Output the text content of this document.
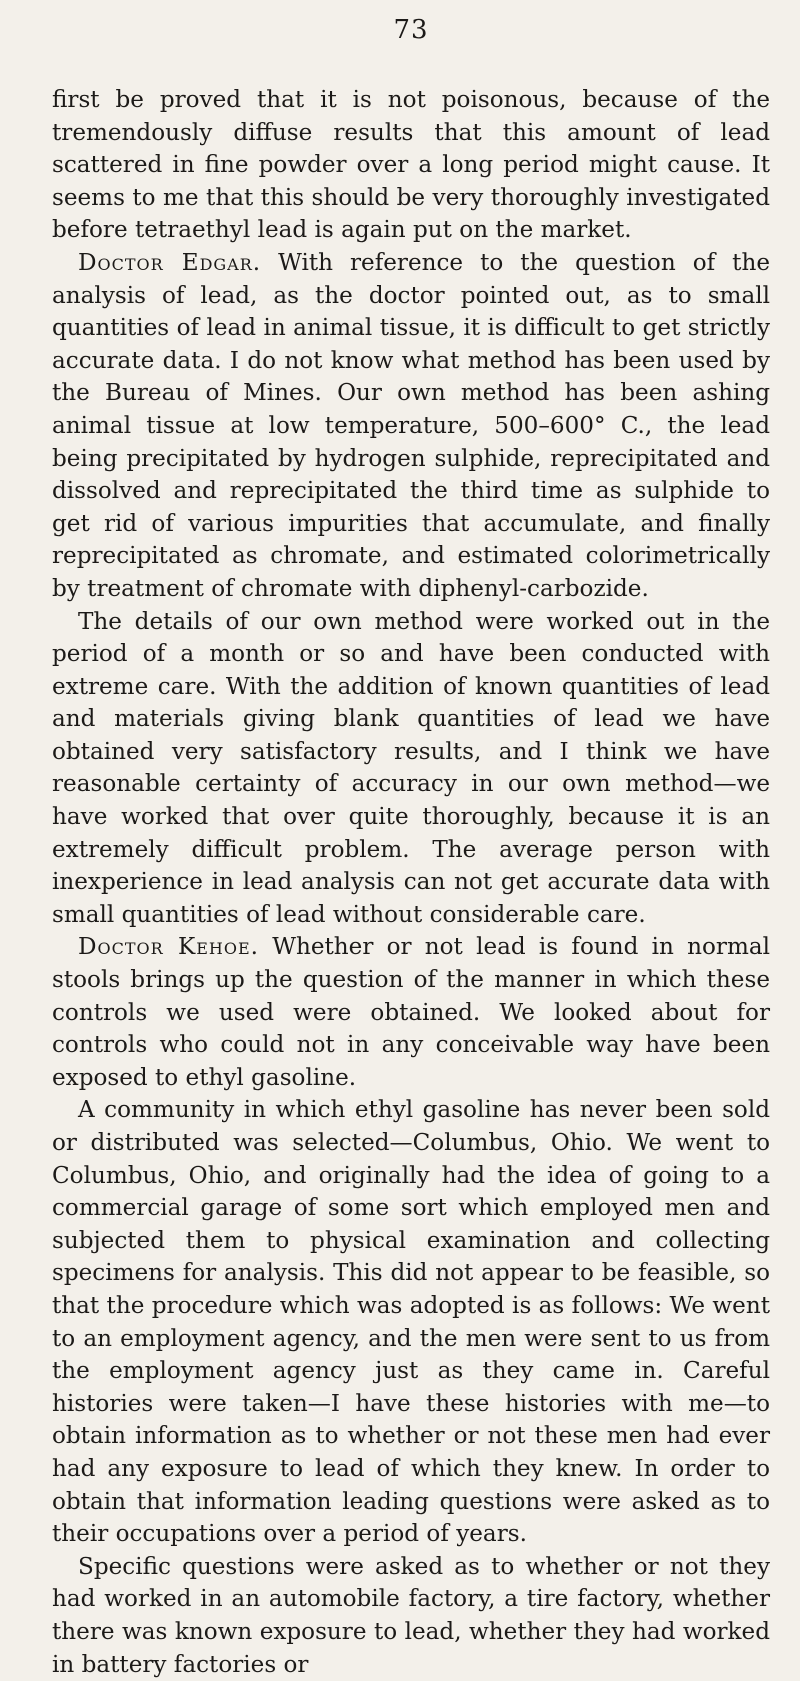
73

first be proved that it is not poisonous, because of the tremendously diffuse results that this amount of lead scattered in fine powder over a long period might cause. It seems to me that this should be very thoroughly investigated before tetraethyl lead is again put on the market.

Doctor Edgar. With reference to the question of the analysis of lead, as the doctor pointed out, as to small quantities of lead in animal tissue, it is difficult to get strictly accurate data. I do not know what method has been used by the Bureau of Mines. Our own method has been ashing animal tissue at low temperature, 500–600° C., the lead being precipitated by hydrogen sulphide, reprecipitated and dissolved and reprecipitated the third time as sulphide to get rid of various impurities that accumulate, and finally reprecipitated as chromate, and estimated colorimetrically by treatment of chromate with diphenyl-carbozide.

The details of our own method were worked out in the period of a month or so and have been conducted with extreme care. With the addition of known quantities of lead and materials giving blank quantities of lead we have obtained very satisfactory results, and I think we have reasonable certainty of accuracy in our own method—we have worked that over quite thoroughly, because it is an extremely difficult problem. The average person with inexperience in lead analysis can not get accurate data with small quantities of lead without considerable care.

Doctor Kehoe. Whether or not lead is found in normal stools brings up the question of the manner in which these controls we used were obtained. We looked about for controls who could not in any conceivable way have been exposed to ethyl gasoline.

A community in which ethyl gasoline has never been sold or distributed was selected—Columbus, Ohio. We went to Columbus, Ohio, and originally had the idea of going to a commercial garage of some sort which employed men and subjected them to physical examination and collecting specimens for analysis. This did not appear to be feasible, so that the procedure which was adopted is as follows: We went to an employment agency, and the men were sent to us from the employment agency just as they came in. Careful histories were taken—I have these histories with me—to obtain information as to whether or not these men had ever had any exposure to lead of which they knew. In order to obtain that information leading questions were asked as to their occupations over a period of years.

Specific questions were asked as to whether or not they had worked in an automobile factory, a tire factory, whether there was known exposure to lead, whether they had worked in battery factories or
